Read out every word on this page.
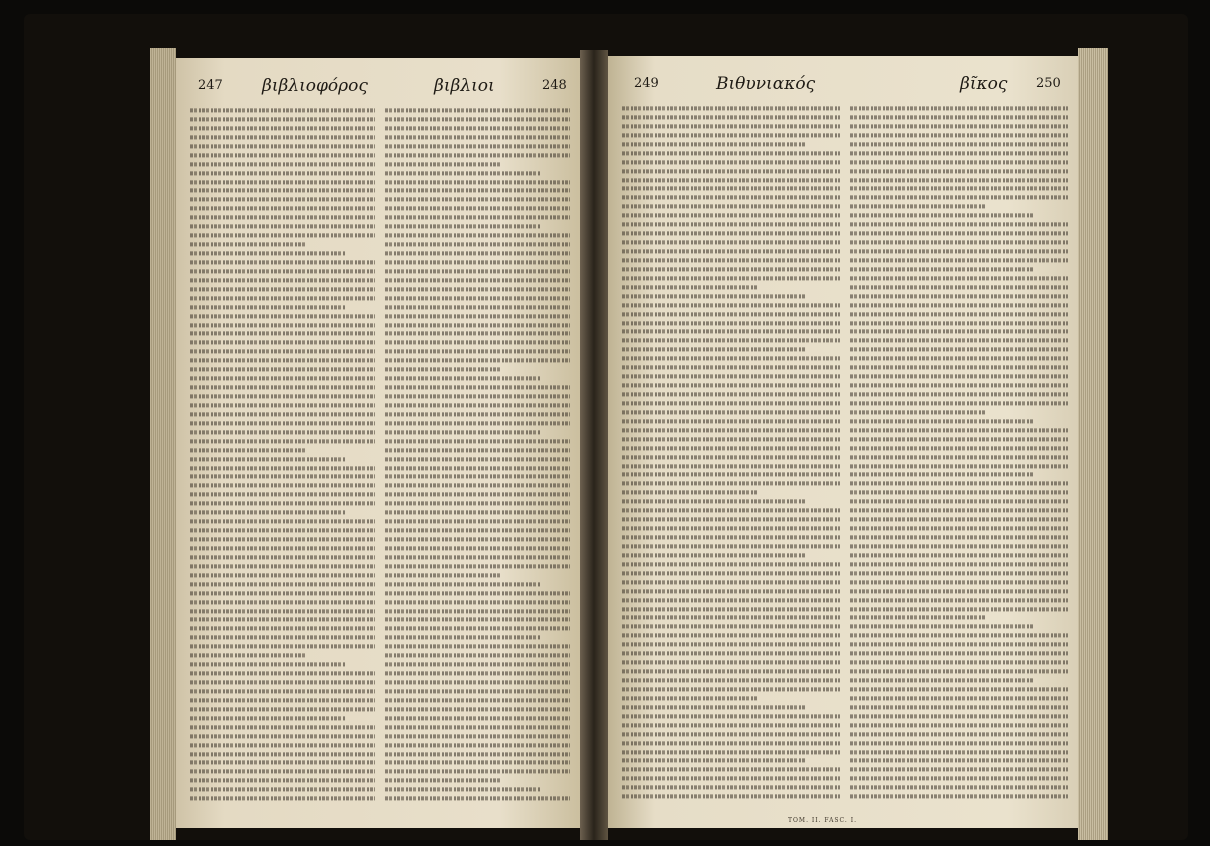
247 βιβλιοφόρος	βιβλιοι	248	249	Βιθυνιακός	βῖκος 250
TOM. II. FASC. I.
